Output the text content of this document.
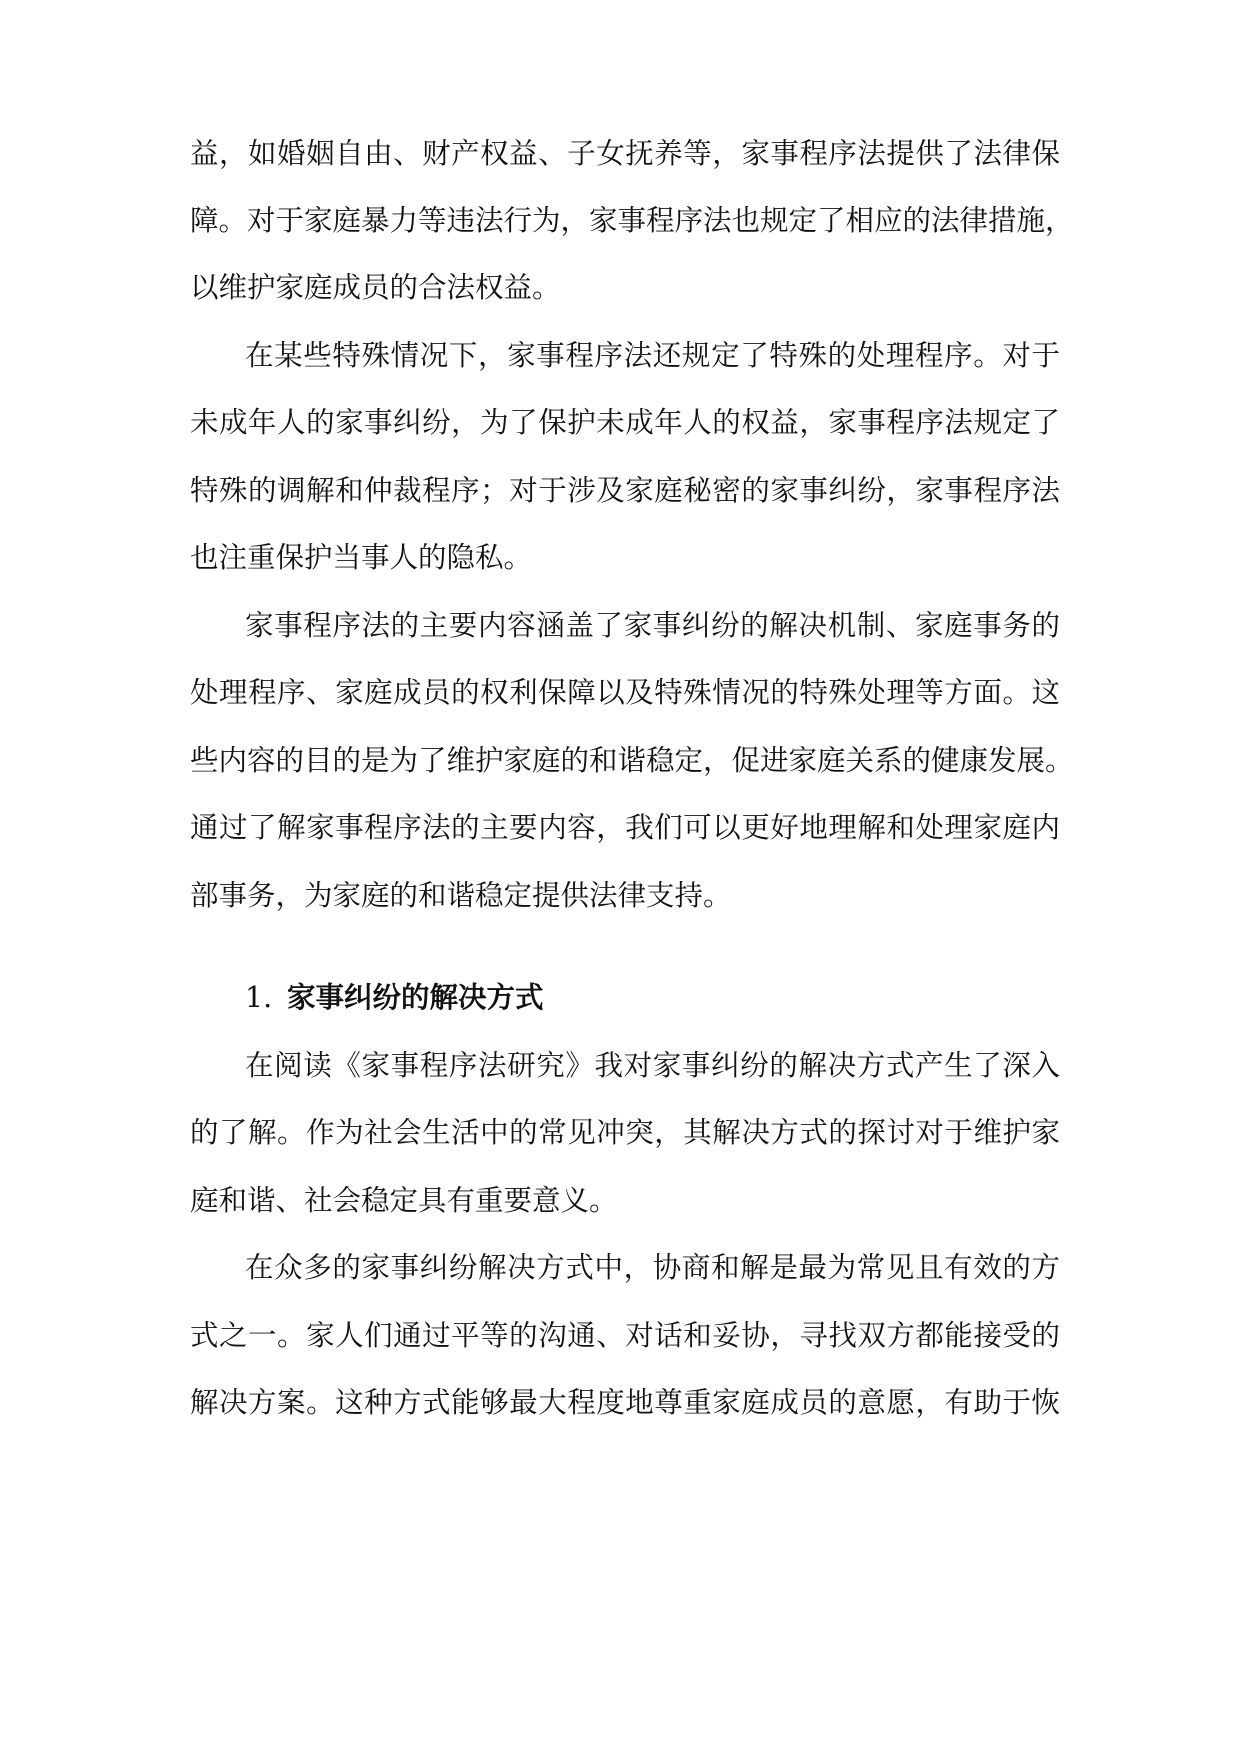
益，如婚姻自由、财产权益、子女抚养等，家事程序法提供了法律保
障。对于家庭暴力等违法行为，家事程序法也规定了相应的法律措施，
以维护家庭成员的合法权益。
在某些特殊情况下，家事程序法还规定了特殊的处理程序。对于
未成年人的家事纠纷，为了保护未成年人的权益，家事程序法规定了
特殊的调解和仲裁程序；对于涉及家庭秘密的家事纠纷，家事程序法
也注重保护当事人的隐私。
家事程序法的主要内容涵盖了家事纠纷的解决机制、家庭事务的
处理程序、家庭成员的权利保障以及特殊情况的特殊处理等方面。这
些内容的目的是为了维护家庭的和谐稳定，促进家庭关系的健康发展。
通过了解家事程序法的主要内容，我们可以更好地理解和处理家庭内
部事务，为家庭的和谐稳定提供法律支持。
1. 家事纠纷的解决方式
在阅读《家事程序法研究》我对家事纠纷的解决方式产生了深入
的了解。作为社会生活中的常见冲突，其解决方式的探讨对于维护家
庭和谐、社会稳定具有重要意义。
在众多的家事纠纷解决方式中，协商和解是最为常见且有效的方
式之一。家人们通过平等的沟通、对话和妥协，寻找双方都能接受的
解决方案。这种方式能够最大程度地尊重家庭成员的意愿，有助于恢
